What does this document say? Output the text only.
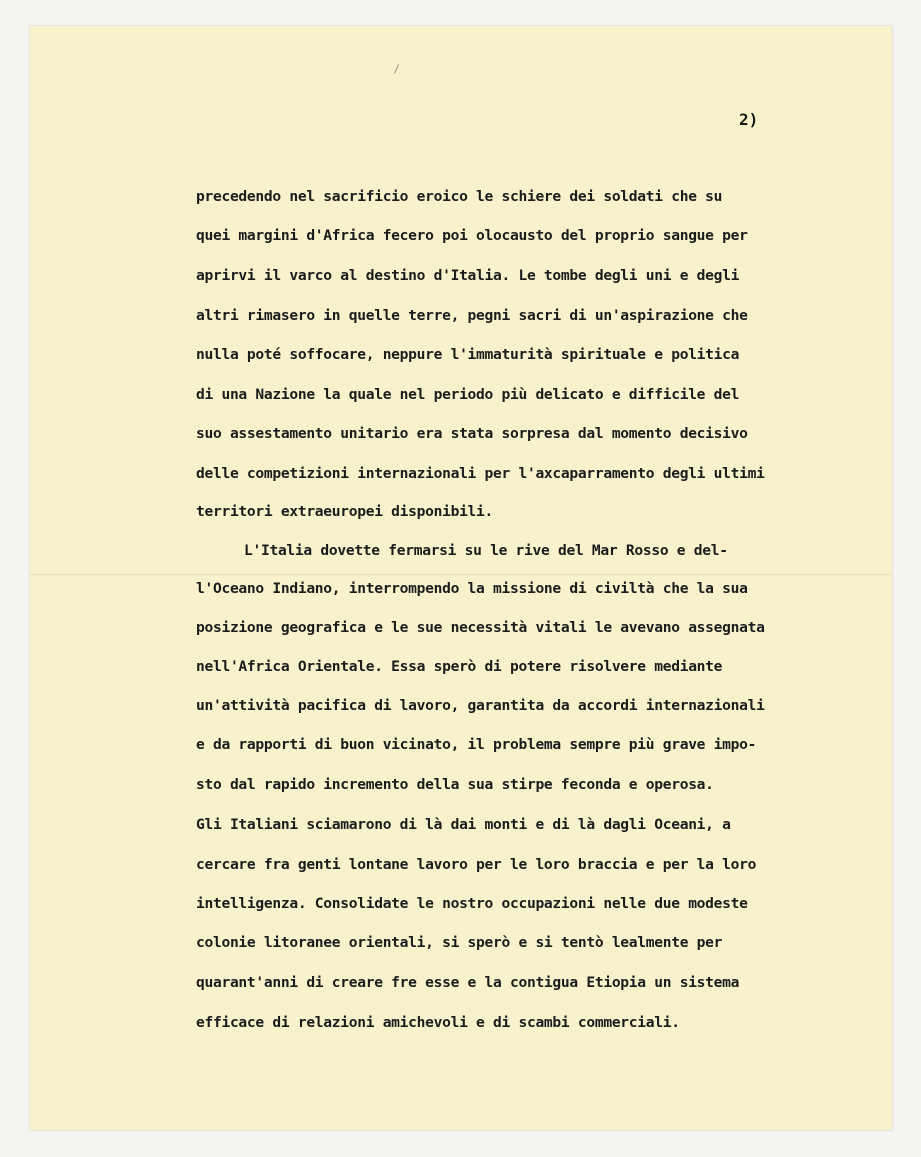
2)
precedendo nel sacrificio eroico le schiere dei soldati che su
quei margini d'Africa fecero poi olocausto del proprio sangue per
aprirvi il varco al destino d'Italia. Le tombe degli uni e degli
altri rimasero in quelle terre, pegni sacri di un'aspirazione che
nulla poté soffocare, neppure l'immaturità spirituale e politica
di una Nazione la quale nel periodo più delicato e difficile del
suo assestamento unitario era stata sorpresa dal momento decisivo
delle competizioni internazionali per l'axcaparramento degli ultimi
territori extraeuropei disponibili.
L'Italia dovette fermarsi su le rive del Mar Rosso e del-
l'Oceano Indiano, interrompendo la missione di civiltà che la sua
posizione geografica e le sue necessità vitali le avevano assegnata
nell'Africa Orientale. Essa sperò di potere risolvere mediante
un'attività pacifica di lavoro, garantita da accordi internazionali
e da rapporti di buon vicinato, il problema sempre più grave impo-
sto dal rapido incremento della sua stirpe feconda e operosa.
Gli Italiani sciamarono di là dai monti e di là dagli Oceani, a
cercare fra genti lontane lavoro per le loro braccia e per la loro
intelligenza. Consolidate le nostro occupazioni nelle due modeste
colonie litoranee orientali, si sperò e si tentò lealmente per
quarant'anni di creare fre esse e la contigua Etiopia un sistema
efficace di relazioni amichevoli e di scambi commerciali.
